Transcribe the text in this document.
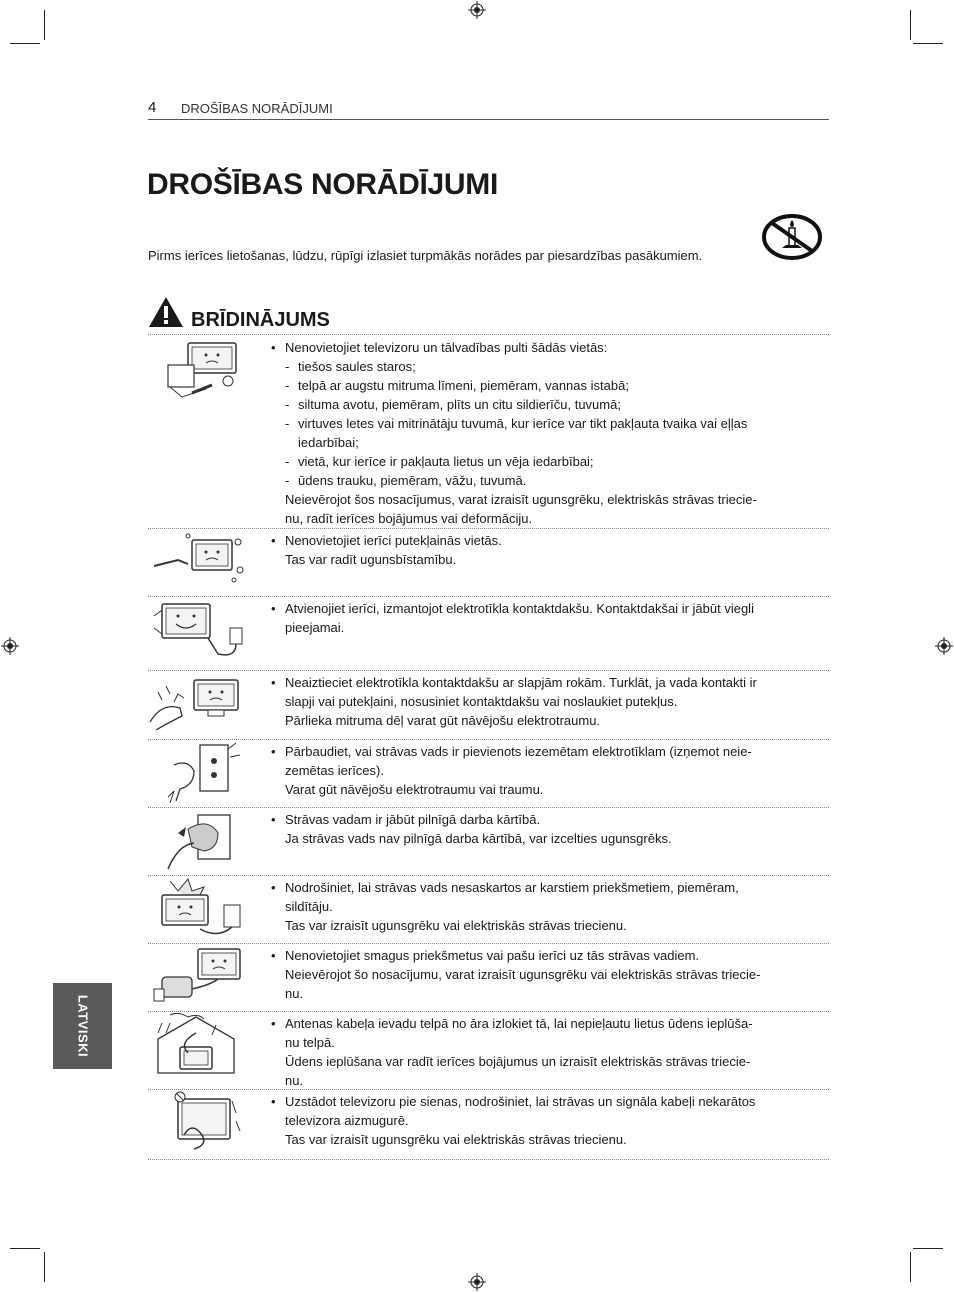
4 DROŠĪBAS NORĀDĪJUMI
DROŠĪBAS NORĀDĪJUMI
Pirms ierīces lietošanas, lūdzu, rūpīgi izlasiet turpmākās norādes par piesardzības pasākumiem.
BRĪDINĀJUMS
• Nenovietojiet televizoru un tālvadības pulti šādās vietās:
- tiešos saules staros;
- telpā ar augstu mitruma līmeni, piemēram, vannas istabā;
- siltuma avotu, piemēram, plīts un citu sildierīču, tuvumā;
- virtuves letes vai mitrinātāju tuvumā, kur ierīce var tikt pakļauta tvaika vai eļļas
iedarbībai;
- vietā, kur ierīce ir pakļauta lietus un vēja iedarbībai;
- ūdens trauku, piemēram, vāžu, tuvumā.
Neievērojot šos nosacījumus, varat izraisīt ugunsgrēku, elektriskās strāvas triecie-
nu, radīt ierīces bojājumus vai deformāciju.
• Nenovietojiet ierīci putekļainās vietās.
Tas var radīt ugunsbīstamību.
• Atvienojiet ierīci, izmantojot elektrotīkla kontaktdakšu. Kontaktdakšai ir jābūt viegli
pieejamai.
• Neaiztieciet elektrotīkla kontaktdakšu ar slapjām rokām. Turklāt, ja vada kontakti ir
slapji vai putekļaini, nosusiniet kontaktdakšu vai noslaukiet putekļus.
Pārlieka mitruma dēļ varat gūt nāvējošu elektrotraumu.
• Pārbaudiet, vai strāvas vads ir pievienots iezemētam elektrotīklam (izņemot neie-
zemētas ierīces).
Varat gūt nāvējošu elektrotraumu vai traumu.
• Strāvas vadam ir jābūt pilnīgā darba kārtībā.
Ja strāvas vads nav pilnīgā darba kārtībā, var izcelties ugunsgrēks.
• Nodrošiniet, lai strāvas vads nesaskartos ar karstiem priekšmetiem, piemēram,
sildītāju.
Tas var izraisīt ugunsgrēku vai elektriskās strāvas triecienu.
• Nenovietojiet smagus priekšmetus vai pašu ierīci uz tās strāvas vadiem.
Neievērojot šo nosacījumu, varat izraisīt ugunsgrēku vai elektriskās strāvas triecie-
nu.
• Antenas kabeļa ievadu telpā no āra izlokiet tā, lai nepieļautu lietus ūdens ieplūša-
nu telpā.
Ūdens ieplūšana var radīt ierīces bojājumus un izraisīt elektriskās strāvas triecie-
nu.
• Uzstādot televizoru pie sienas, nodrošiniet, lai strāvas un signāla kabeļi nekarātos
televizora aizmugurē.
Tas var izraisīt ugunsgrēku vai elektriskās strāvas triecienu.
LATVISKI
